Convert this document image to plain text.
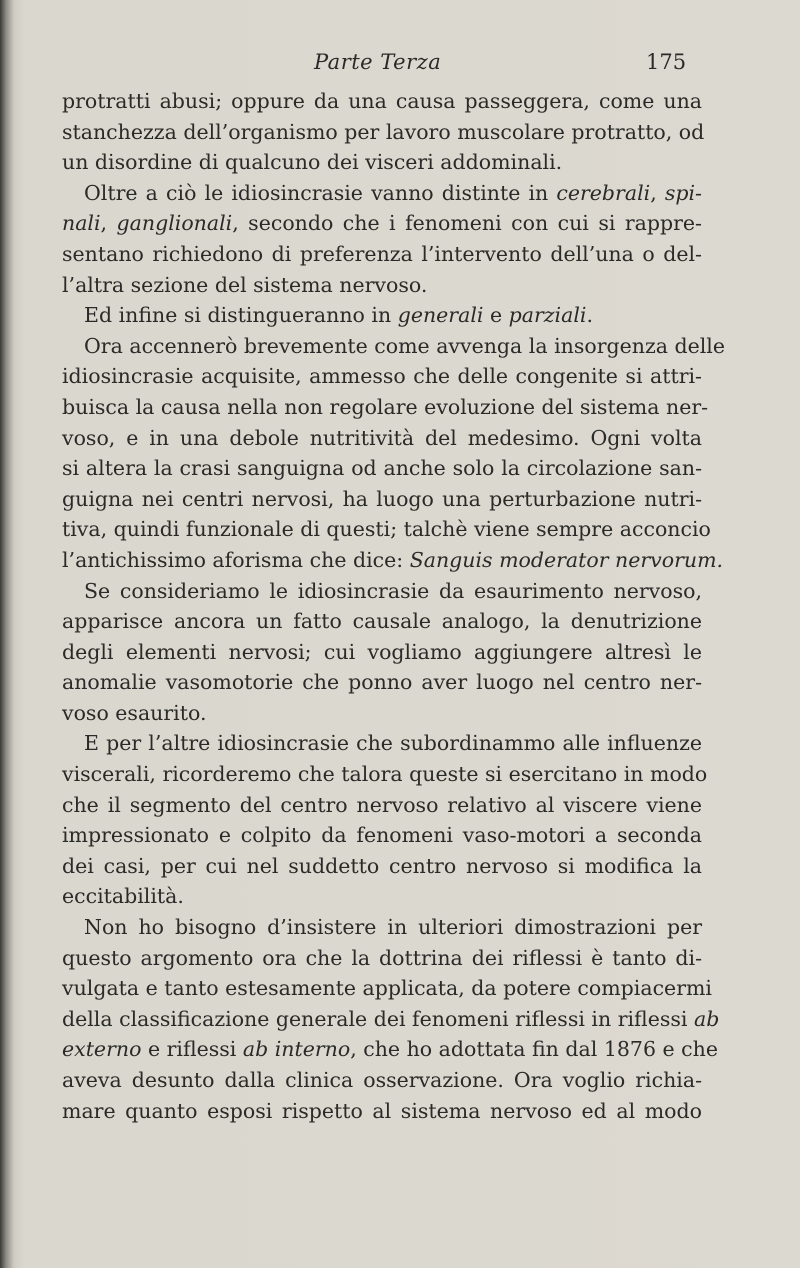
Parte Terza	175
protratti abusi; oppure da una causa passeggera, come una
stanchezza dell’organismo per lavoro muscolare protratto, od
un disordine di qualcuno dei visceri addominali.
Oltre a ciò le idiosincrasie vanno distinte in cerebrali, spi-
nali, ganglionali, secondo che i fenomeni con cui si rappre-
sentano richiedono di preferenza l’intervento dell’una o del-
l’altra sezione del sistema nervoso.
Ed infine si distingueranno in generali e parziali.
Ora accennerò brevemente come avvenga la insorgenza delle
idiosincrasie acquisite, ammesso che delle congenite si attri-
buisca la causa nella non regolare evoluzione del sistema ner-
voso, e in una debole nutritività del medesimo. Ogni volta
si altera la crasi sanguigna od anche solo la circolazione san-
guigna nei centri nervosi, ha luogo una perturbazione nutri-
tiva, quindi funzionale di questi; talchè viene sempre acconcio
l’antichissimo aforisma che dice: Sanguis moderator nervorum.
Se consideriamo le idiosincrasie da esaurimento nervoso,
apparisce ancora un fatto causale analogo, la denutrizione
degli elementi nervosi; cui vogliamo aggiungere altresì le
anomalie vasomotorie che ponno aver luogo nel centro ner-
voso esaurito.
E per l’altre idiosincrasie che subordinammo alle influenze
viscerali, ricorderemo che talora queste si esercitano in modo
che il segmento del centro nervoso relativo al viscere viene
impressionato e colpito da fenomeni vaso-motori a seconda
dei casi, per cui nel suddetto centro nervoso si modifica la
eccitabilità.
Non ho bisogno d’insistere in ulteriori dimostrazioni per
questo argomento ora che la dottrina dei riflessi è tanto di-
vulgata e tanto estesamente applicata, da potere compiacermi
della classificazione generale dei fenomeni riflessi in riflessi ab
externo e riflessi ab interno, che ho adottata fin dal 1876 e che
aveva desunto dalla clinica osservazione. Ora voglio richia-
mare quanto esposi rispetto al sistema nervoso ed al modo
